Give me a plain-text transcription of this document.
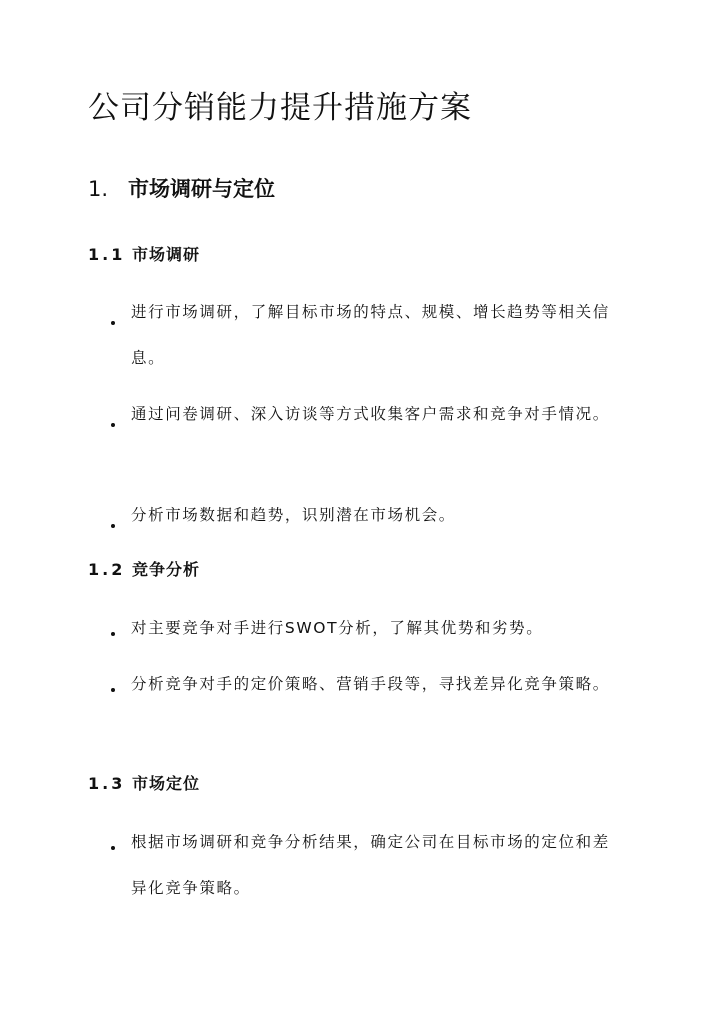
公司分销能力提升措施方案
1. 市场调研与定位
1.1 市场调研
进行市场调研，了解目标市场的特点、规模、增长趋势等相关信息。
通过问卷调研、深入访谈等方式收集客户需求和竞争对手情况。
分析市场数据和趋势，识别潜在市场机会。
1.2 竞争分析
对主要竞争对手进行SWOT分析，了解其优势和劣势。
分析竞争对手的定价策略、营销手段等，寻找差异化竞争策略。
1.3 市场定位
根据市场调研和竞争分析结果，确定公司在目标市场的定位和差异化竞争策略。
